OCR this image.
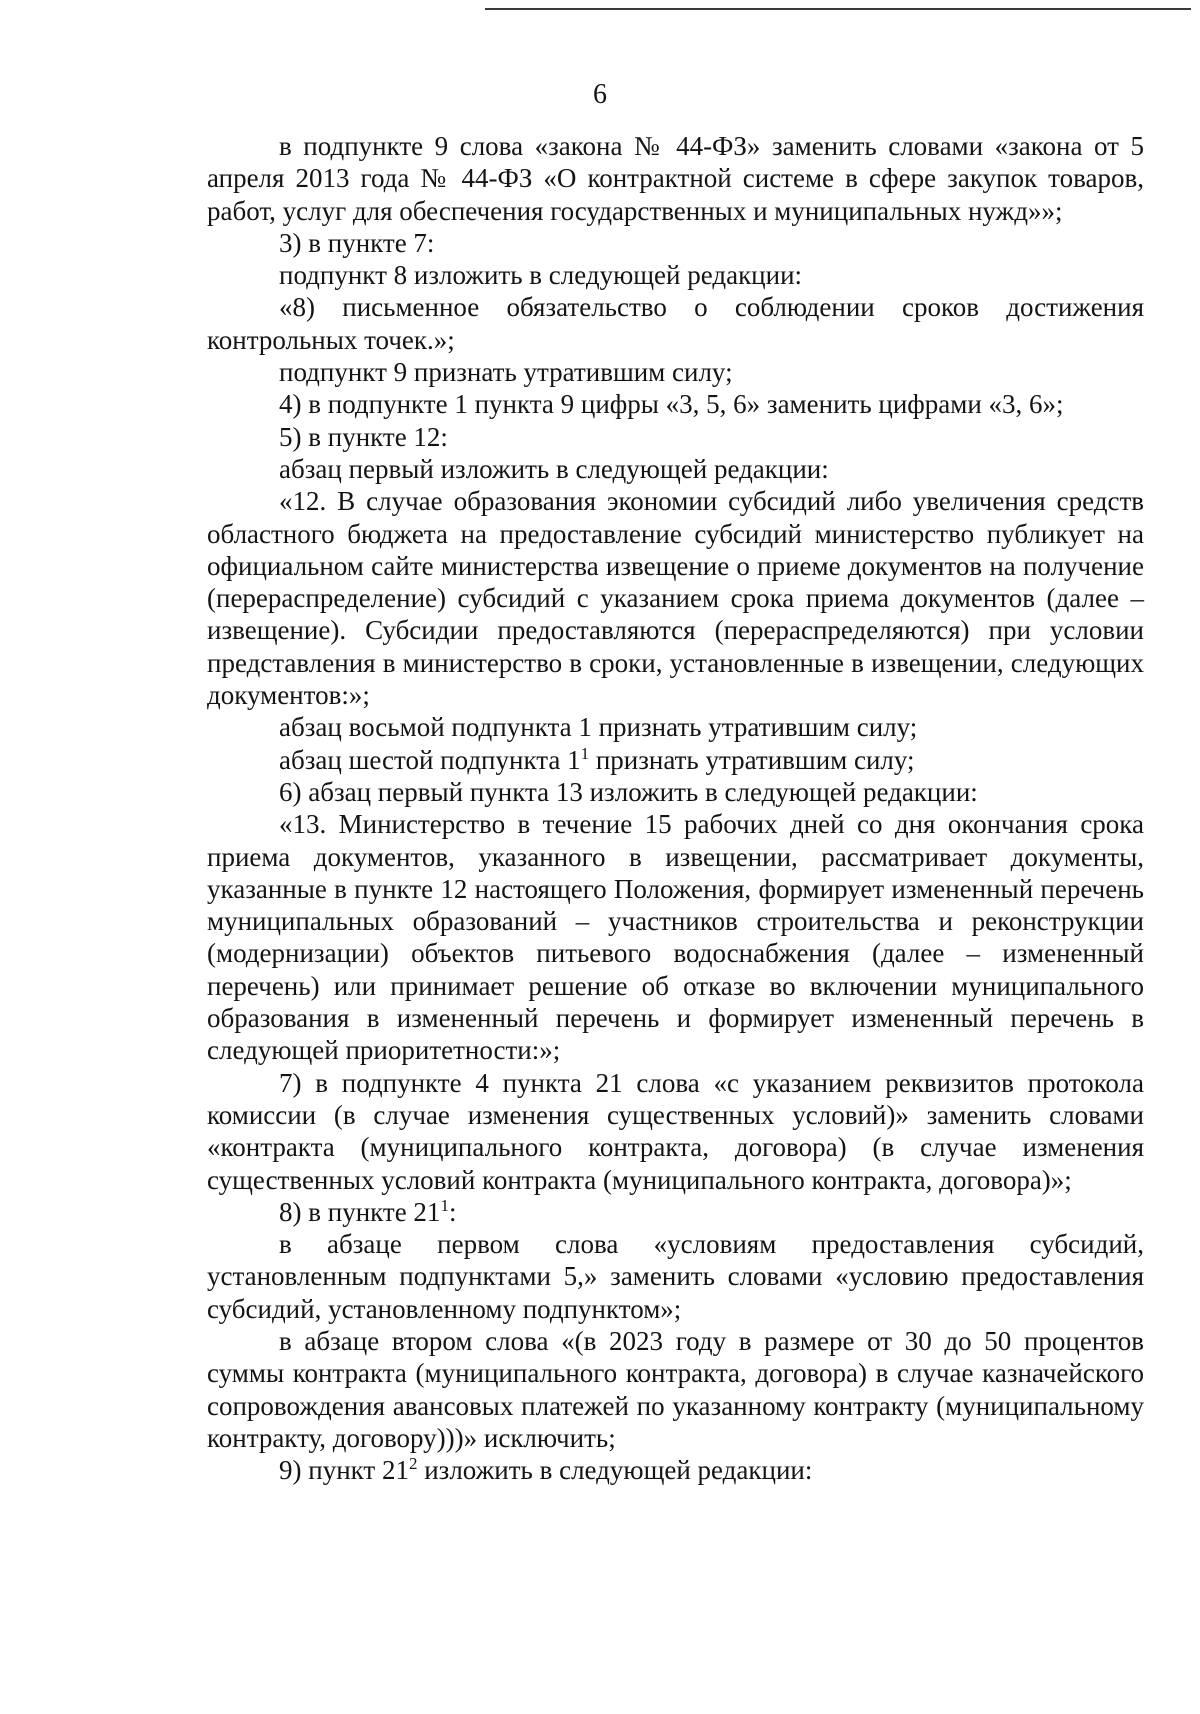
6

в подпункте 9 слова «закона № 44-ФЗ» заменить словами «закона от 5 апреля 2013 года № 44-ФЗ «О контрактной системе в сфере закупок товаров, работ, услуг для обеспечения государственных и муниципальных нужд»»;

3) в пункте 7:

подпункт 8 изложить в следующей редакции:

«8) письменное обязательство о соблюдении сроков достижения контрольных точек.»;

подпункт 9 признать утратившим силу;

4) в подпункте 1 пункта 9 цифры «3, 5, 6» заменить цифрами «3, 6»;

5) в пункте 12:

абзац первый изложить в следующей редакции:

«12. В случае образования экономии субсидий либо увеличения средств областного бюджета на предоставление субсидий министерство публикует на официальном сайте министерства извещение о приеме документов на получение (перераспределение) субсидий с указанием срока приема документов (далее – извещение). Субсидии предоставляются (перераспределяются) при условии представления в министерство в сроки, установленные в извещении, следующих документов:»;

абзац восьмой подпункта 1 признать утратившим силу;

абзац шестой подпункта $1^1$ признать утратившим силу;

6) абзац первый пункта 13 изложить в следующей редакции:

«13. Министерство в течение 15 рабочих дней со дня окончания срока приема документов, указанного в извещении, рассматривает документы, указанные в пункте 12 настоящего Положения, формирует измененный перечень муниципальных образований – участников строительства и реконструкции (модернизации) объектов питьевого водоснабжения (далее – измененный перечень) или принимает решение об отказе во включении муниципального образования в измененный перечень и формирует измененный перечень в следующей приоритетности:»;

7) в подпункте 4 пункта 21 слова «с указанием реквизитов протокола комиссии (в случае изменения существенных условий)» заменить словами «контракта (муниципального контракта, договора) (в случае изменения существенных условий контракта (муниципального контракта, договора)»;

8) в пункте $21^1$:

в абзаце первом слова «условиям предоставления субсидий, установленным подпунктами 5,» заменить словами «условию предоставления субсидий, установленному подпунктом»;

в абзаце втором слова «(в 2023 году в размере от 30 до 50 процентов суммы контракта (муниципального контракта, договора) в случае казначейского сопровождения авансовых платежей по указанному контракту (муниципальному контракту, договору)))» исключить;

9) пункт $21^2$ изложить в следующей редакции:
